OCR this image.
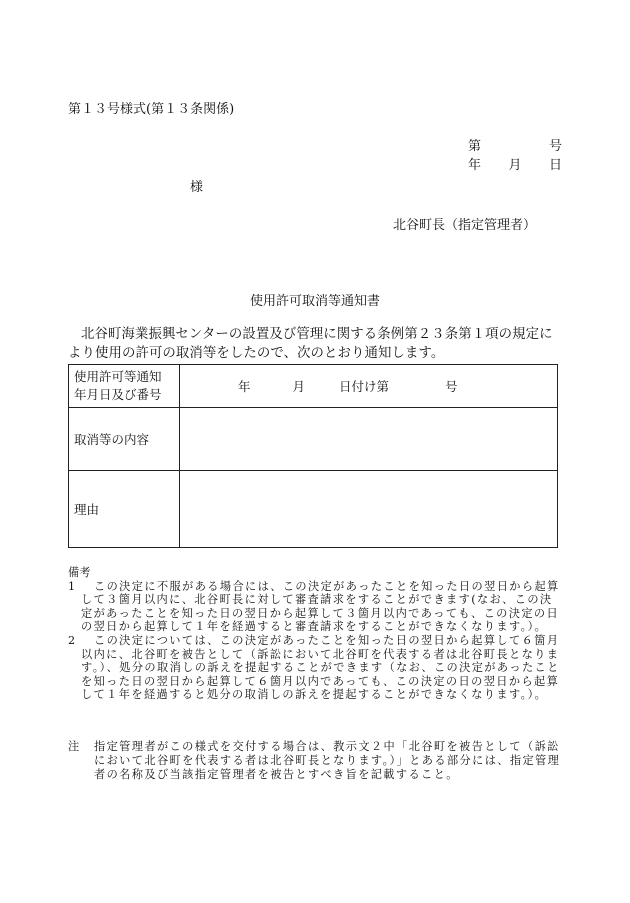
第１３号様式(第１３条関係)
第	号
年 月 日
様
北谷町長（指定管理者）
使用許可取消等通知書
北谷町海業振興センターの設置及び管理に関する条例第２３条第１項の規定により使用の許可の取消等をしたので、次のとおり通知します。
使用許可等通知
年月日及び番号	年 月 日付け第 号
取消等の内容	
理由	
備考
1	この決定に不服がある場合には、この決定があったことを知った日の翌日から起算して３箇月以内に、北谷町長に対して審査請求をすることができます(なお、この決定があったことを知った日の翌日から起算して３箇月以内であっても、この決定の日の翌日から起算して１年を経過すると審査請求をすることができなくなります。）。
2	この決定については、この決定があったことを知った日の翌日から起算して６箇月以内に、北谷町を被告として（訴訟において北谷町を代表する者は北谷町長となります。）、処分の取消しの訴えを提起することができます（なお、この決定があったことを知った日の翌日から起算して６箇月以内であっても、この決定の日の翌日から起算して１年を経過すると処分の取消しの訴えを提起することができなくなります。）。
注	指定管理者がこの様式を交付する場合は、教示文２中「北谷町を被告として（訴訟において北谷町を代表する者は北谷町長となります。）」とある部分には、指定管理者の名称及び当該指定管理者を被告とすべき旨を記載すること。
